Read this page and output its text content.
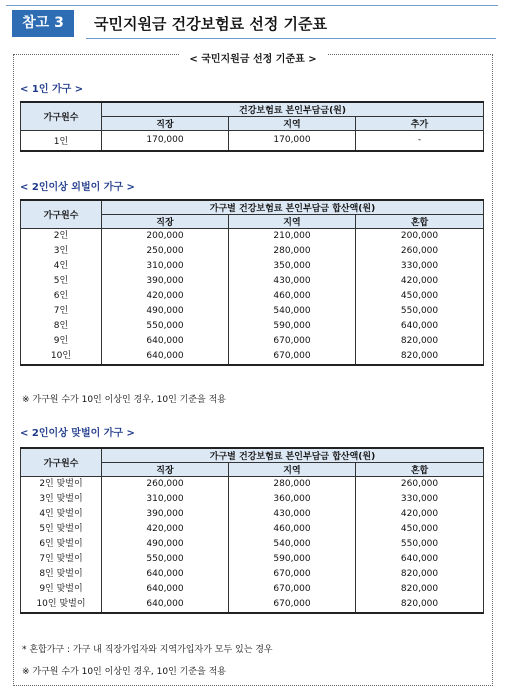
참고 3	국민지원금 건강보험료 선정 기준표
< 국민지원금 선정 기준표 >
< 1인 가구 >
가구원수	건강보험료 본인부담금(원)		
	직장	지역	추가
1인	170,000	170,000	-
< 2인이상 외벌이 가구 >
가구원수	가구별 건강보험료 본인부담금 합산액(원)		
	직장	지역	혼합
2인	200,000	210,000	200,000
3인	250,000	280,000	260,000
4인	310,000	350,000	330,000
5인	390,000	430,000	420,000
6인	420,000	460,000	450,000
7인	490,000	540,000	550,000
8인	550,000	590,000	640,000
9인	640,000	670,000	820,000
10인	640,000	670,000	820,000
※ 가구원 수가 10인 이상인 경우, 10인 기준을 적용
< 2인이상 맞벌이 가구 >
가구원수	가구별 건강보험료 본인부담금 합산액(원)		
	직장	지역	혼합
2인 맞벌이	260,000	280,000	260,000
3인 맞벌이	310,000	360,000	330,000
4인 맞벌이	390,000	430,000	420,000
5인 맞벌이	420,000	460,000	450,000
6인 맞벌이	490,000	540,000	550,000
7인 맞벌이	550,000	590,000	640,000
8인 맞벌이	640,000	670,000	820,000
9인 맞벌이	640,000	670,000	820,000
10인 맞벌이	640,000	670,000	820,000
* 혼합가구 : 가구 내 직장가입자와 지역가입자가 모두 있는 경우
※ 가구원 수가 10인 이상인 경우, 10인 기준을 적용
